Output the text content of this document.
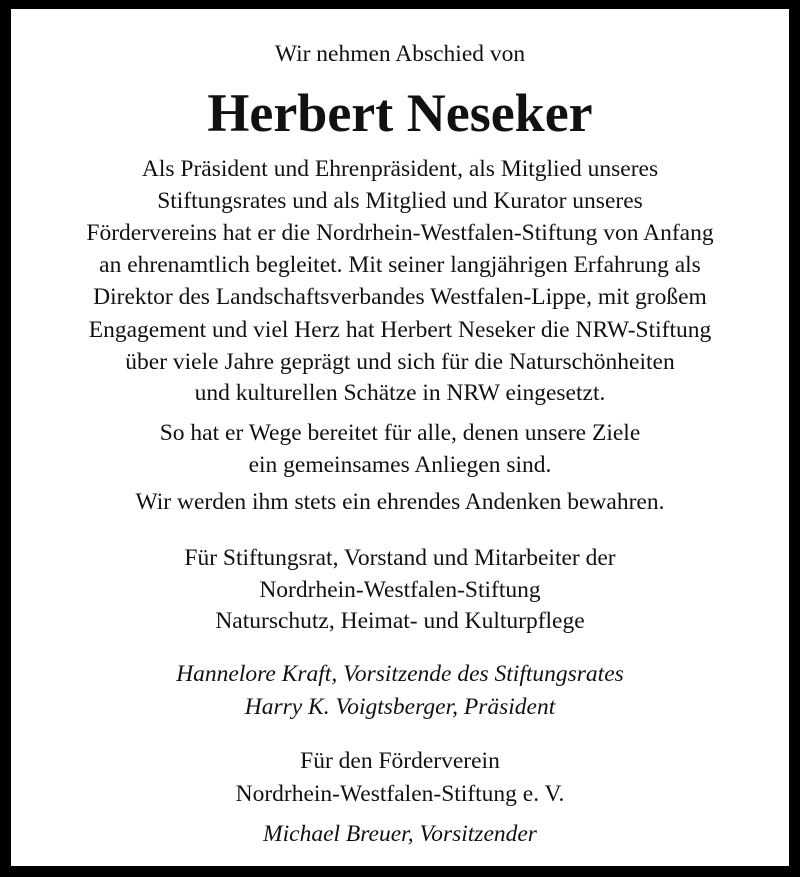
Wir nehmen Abschied von
Herbert Neseker
Als Präsident und Ehrenpräsident, als Mitglied unseres
Stiftungsrates und als Mitglied und Kurator unseres
Fördervereins hat er die Nordrhein-Westfalen-Stiftung von Anfang
an ehrenamtlich begleitet. Mit seiner langjährigen Erfahrung als
Direktor des Landschaftsverbandes Westfalen-Lippe, mit großem
Engagement und viel Herz hat Herbert Neseker die NRW-Stiftung
über viele Jahre geprägt und sich für die Naturschönheiten
und kulturellen Schätze in NRW eingesetzt.
So hat er Wege bereitet für alle, denen unsere Ziele
ein gemeinsames Anliegen sind.
Wir werden ihm stets ein ehrendes Andenken bewahren.
Für Stiftungsrat, Vorstand und Mitarbeiter der
Nordrhein-Westfalen-Stiftung
Naturschutz, Heimat- und Kulturpflege
Hannelore Kraft, Vorsitzende des Stiftungsrates
Harry K. Voigtsberger, Präsident
Für den Förderverein
Nordrhein-Westfalen-Stiftung e. V.
Michael Breuer, Vorsitzender
